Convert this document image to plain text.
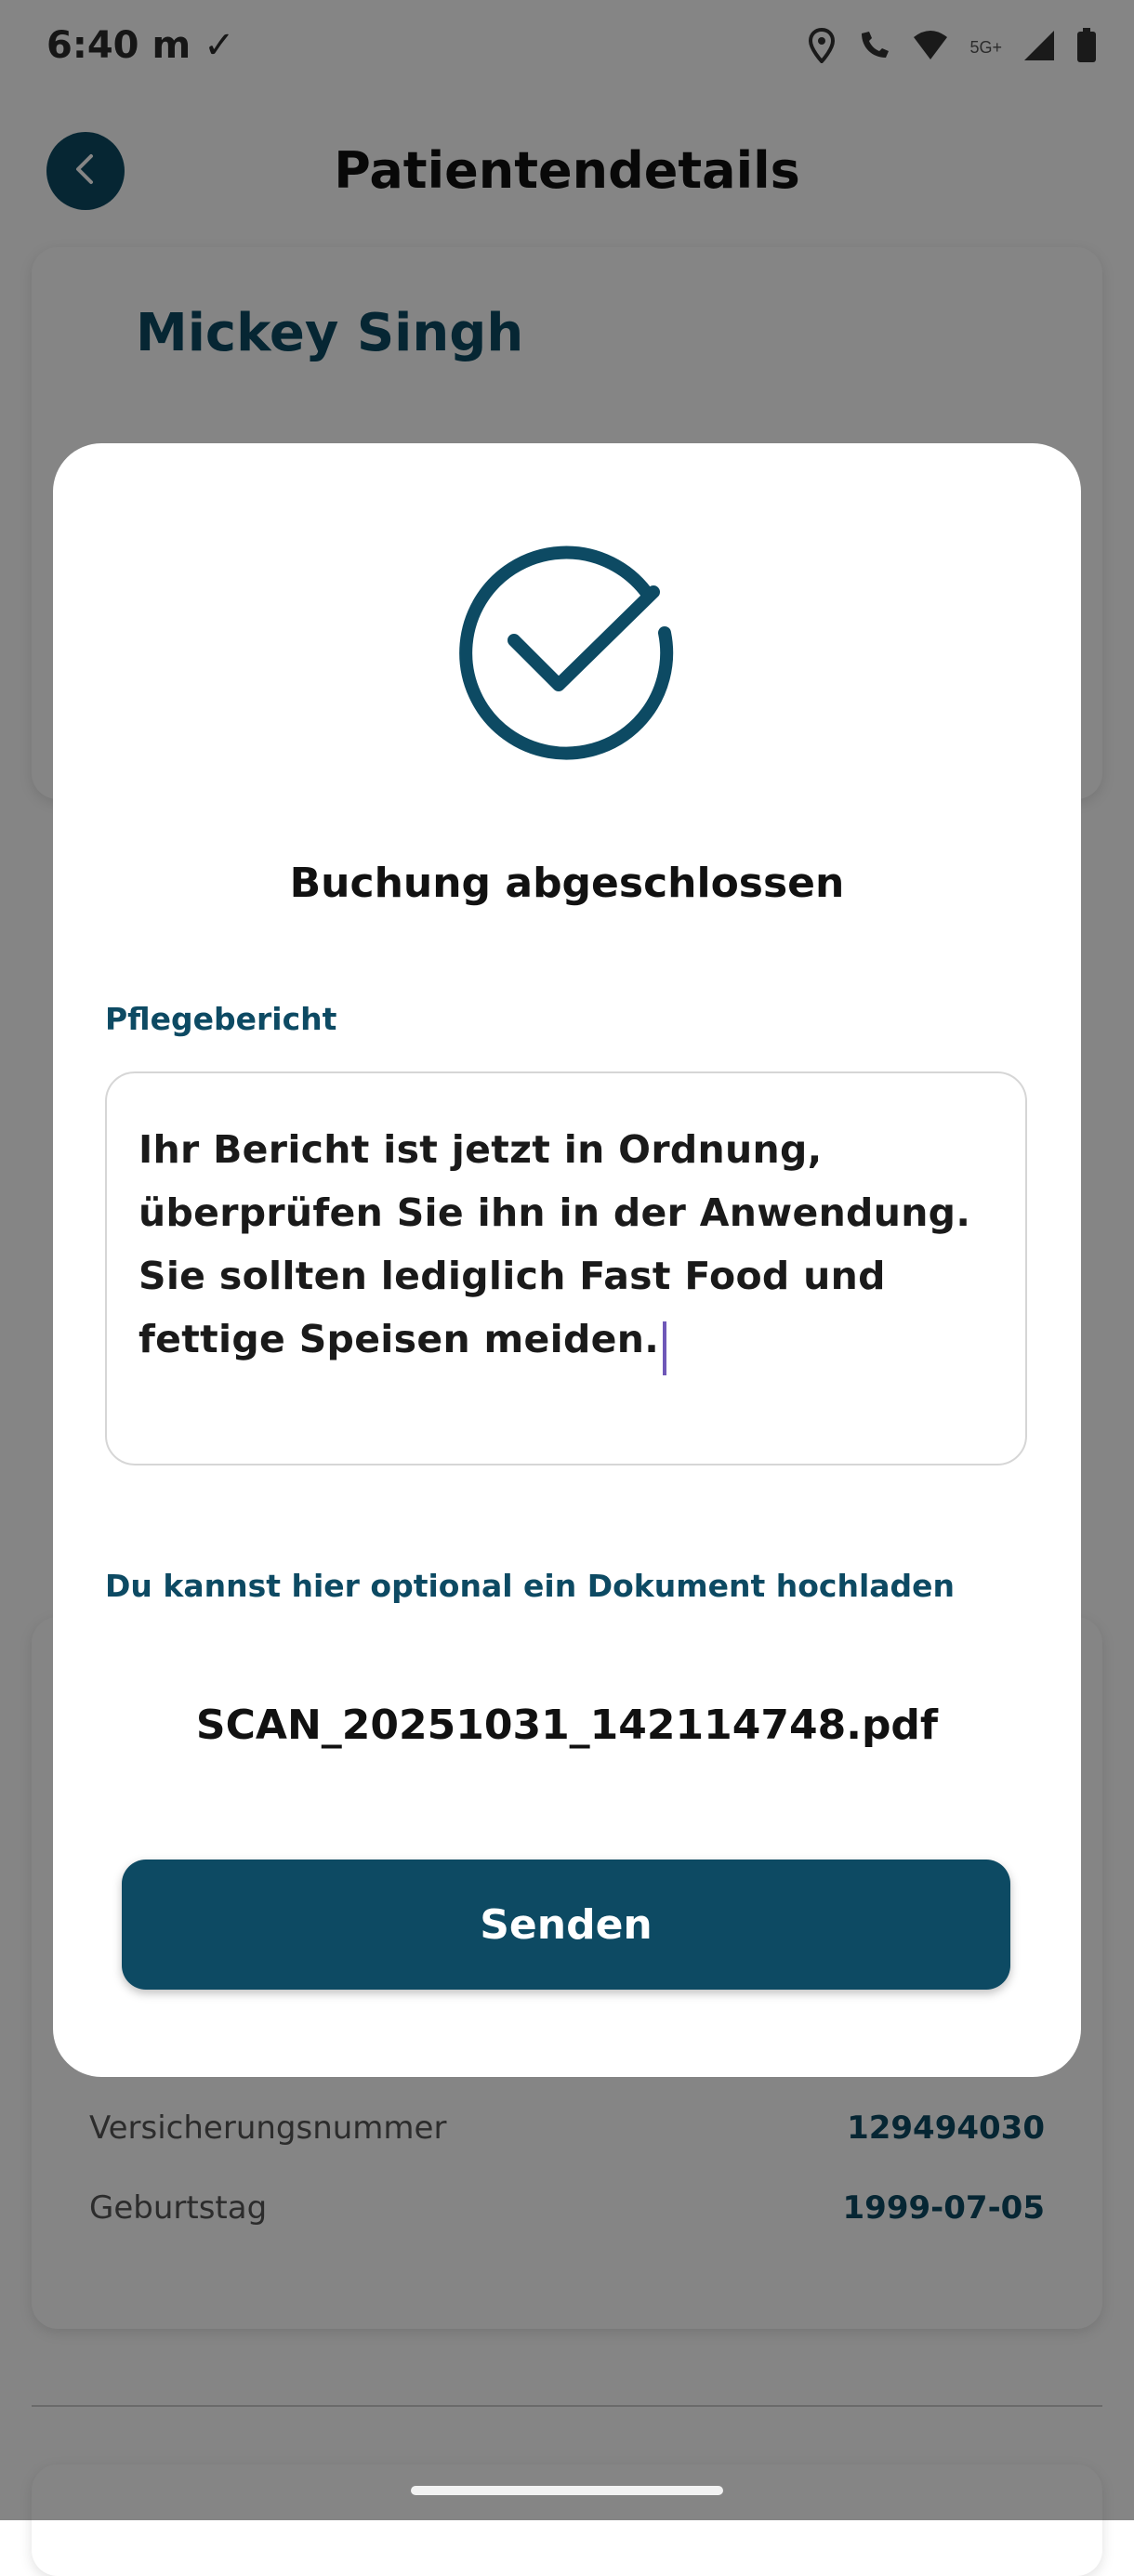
6:40 m ✓	5G+
Patientendetails
Mickey Singh
Versicherungsnummer	129494030
Geburtstag	1999-07-05
Buchung abgeschlossen
Pflegebericht
Ihr Bericht ist jetzt in Ordnung, überprüfen Sie ihn in der Anwendung. Sie sollten lediglich Fast Food und fettige Speisen meiden.
Du kannst hier optional ein Dokument hochladen
SCAN_20251031_142114748.pdf
Senden
